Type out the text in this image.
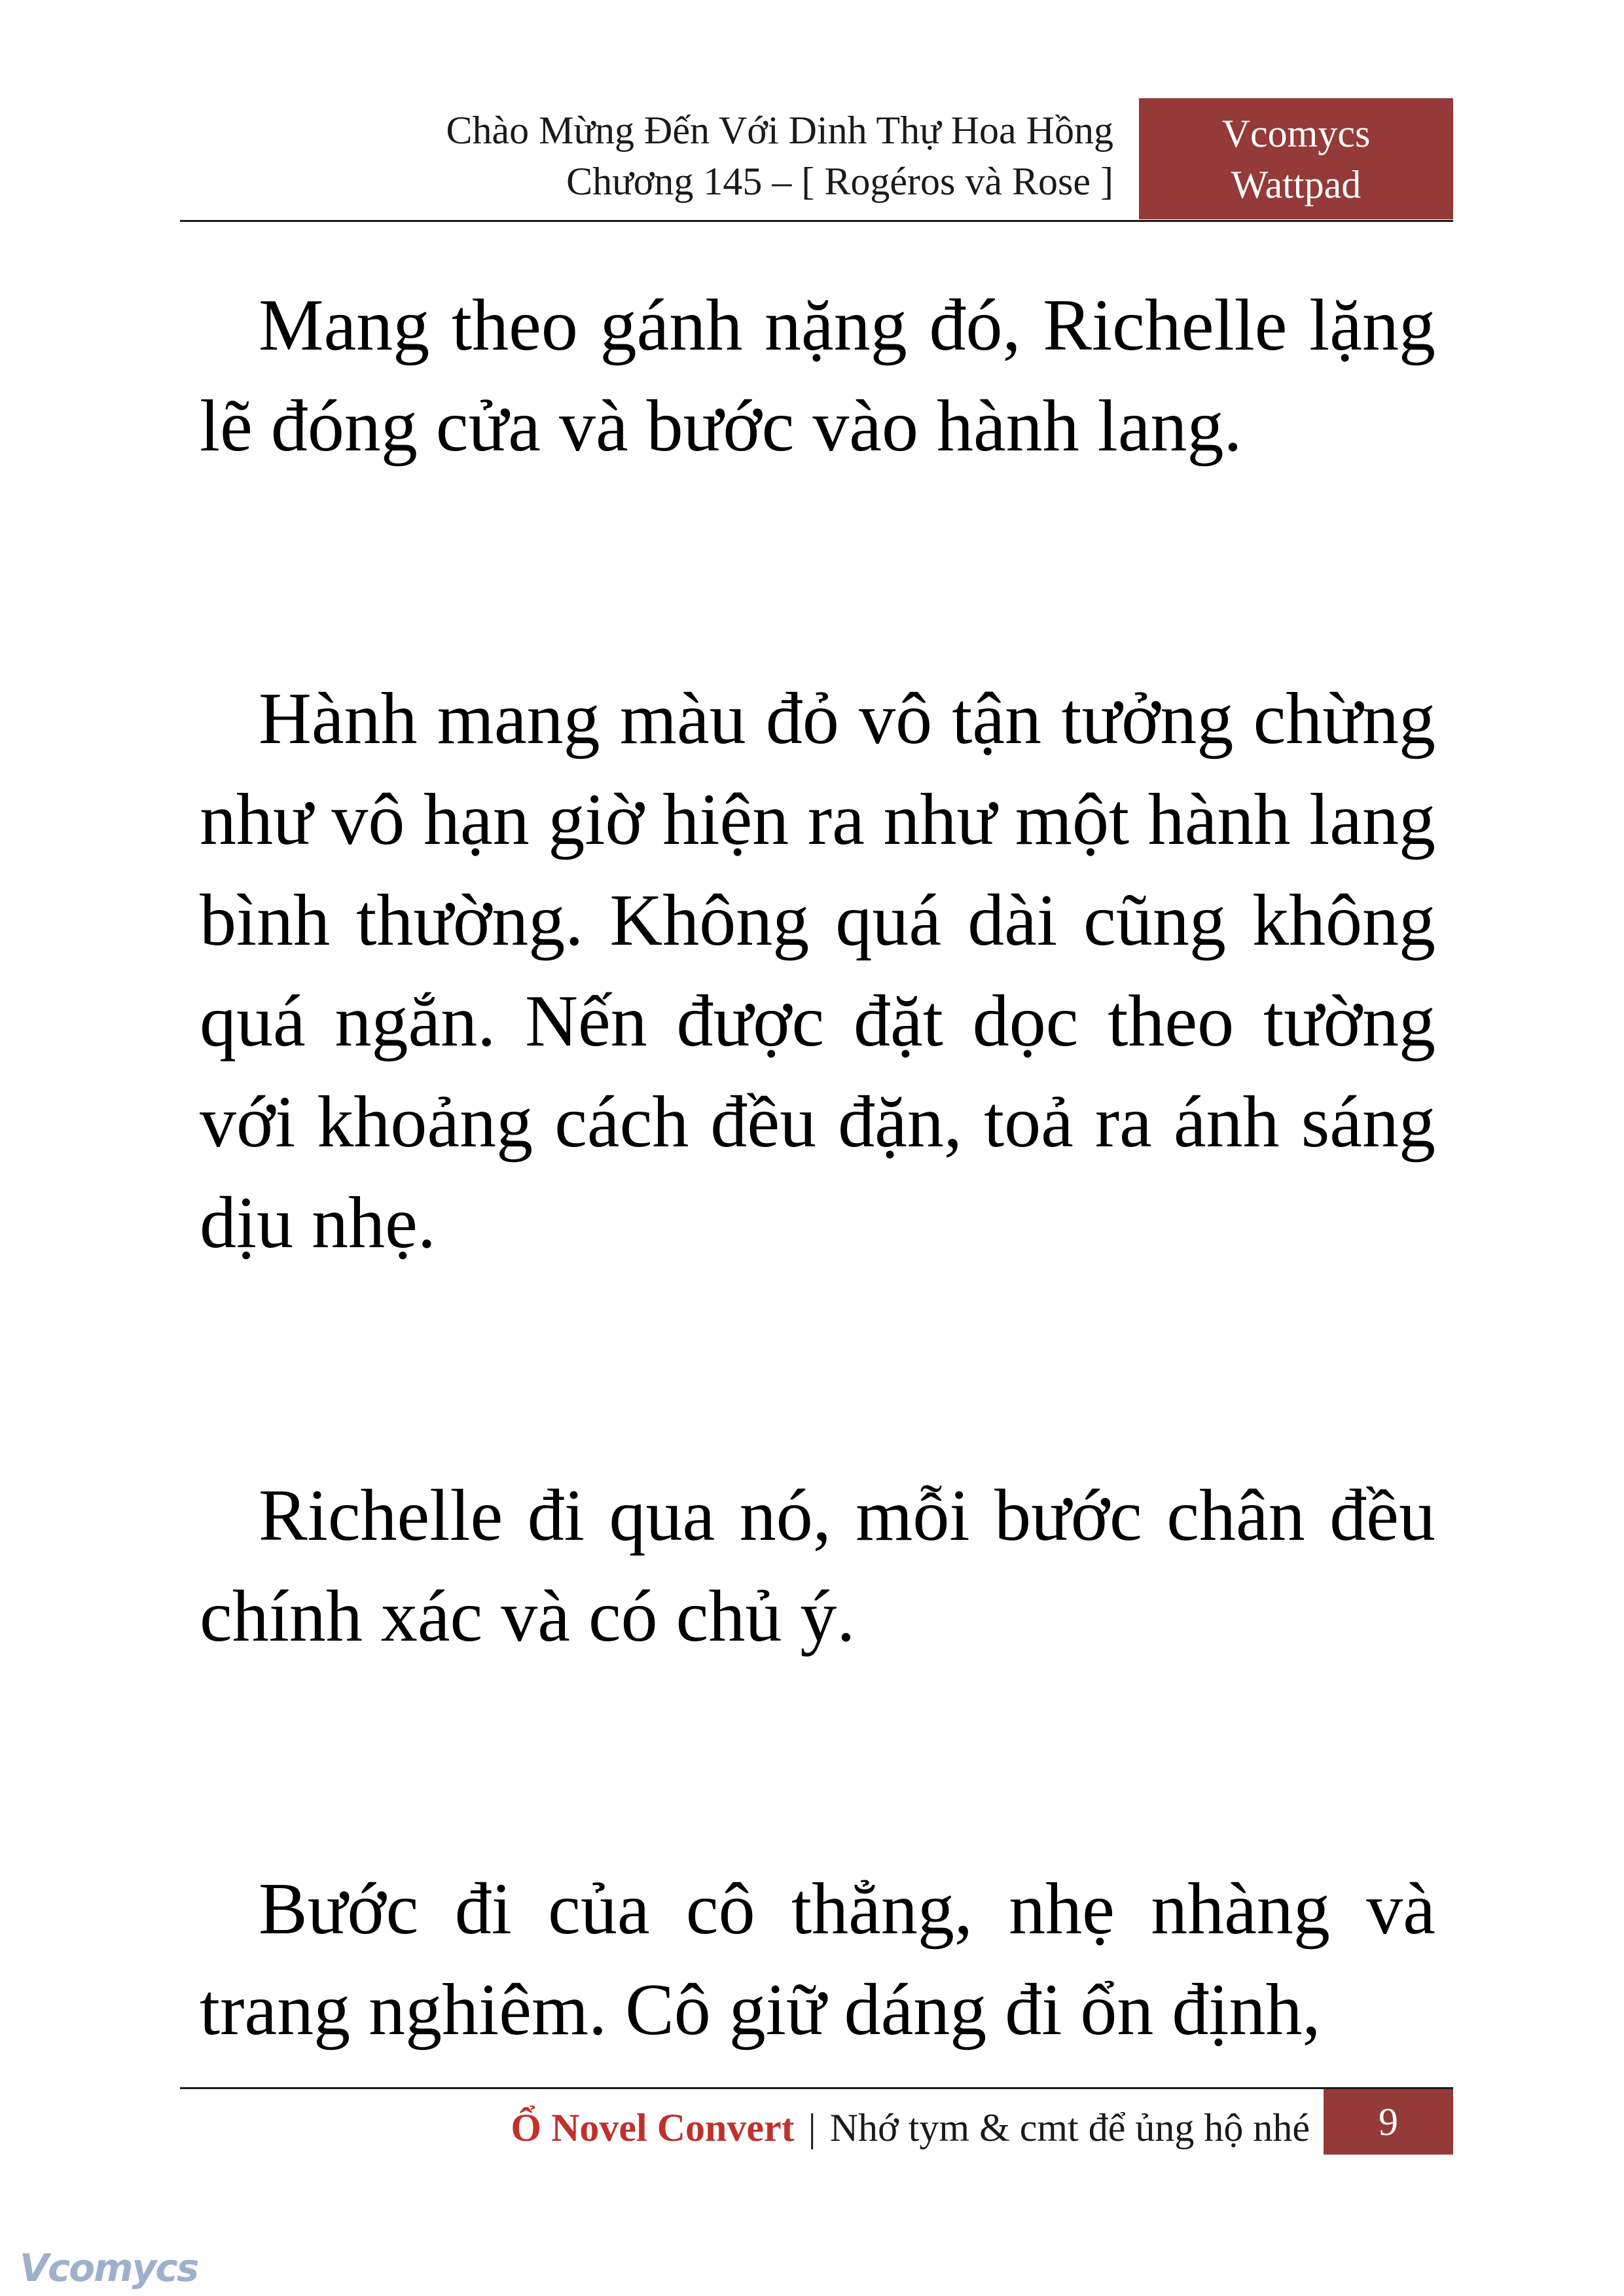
Chào Mừng Đến Với Dinh Thự Hoa Hồng
Chương 145 – [ Rogéros và Rose ]
Vcomycs
Wattpad

Mang theo gánh nặng đó, Richelle lặng lẽ đóng cửa và bước vào hành lang.

Hành mang màu đỏ vô tận tưởng chừng như vô hạn giờ hiện ra như một hành lang bình thường. Không quá dài cũng không quá ngắn. Nến được đặt dọc theo tường với khoảng cách đều đặn, toả ra ánh sáng dịu nhẹ.

Richelle đi qua nó, mỗi bước chân đều chính xác và có chủ ý.

Bước đi của cô thẳng, nhẹ nhàng và trang nghiêm. Cô giữ dáng đi ổn định,

Ổ Novel Convert | Nhớ tym & cmt để ủng hộ nhé	9
Vcomycs
